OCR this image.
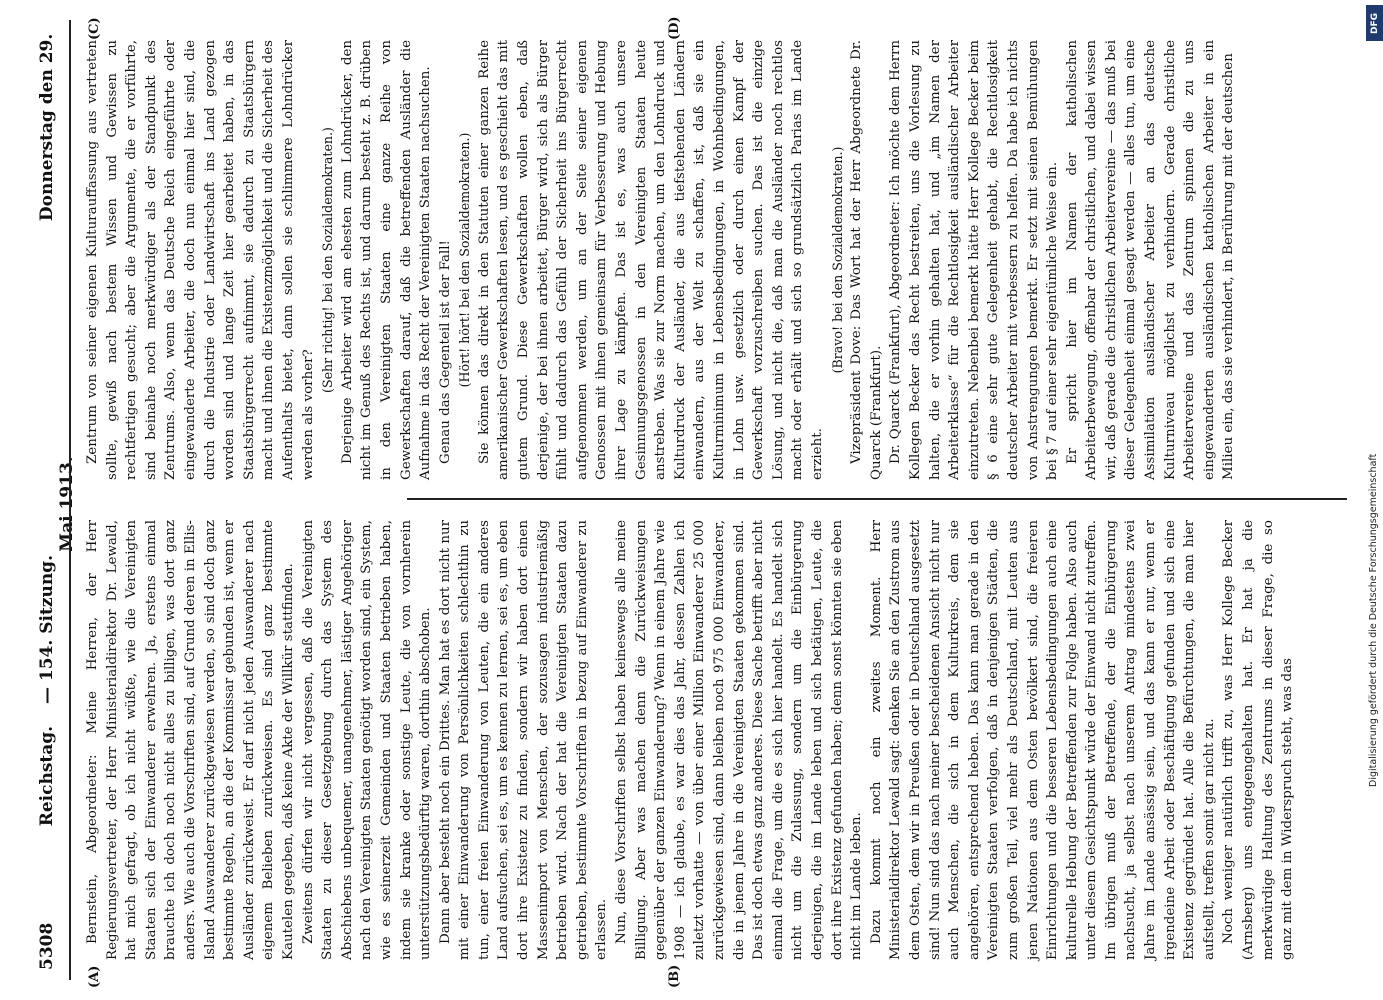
5308
Reichstag. — 154. Sitzung. Donnerstag den 29. Mai 1913.
(A)	(B)
(C)	(D)

Bernstein, Abgeordneter: Meine Herren, der Herr Regierungsvertreter, der Herr Ministerialdirektor Dr. Lewald, hat mich gefragt, ob ich nicht wüßte, wie die Vereinigten Staaten sich der Einwanderer erwehren. Ja, erstens einmal brauchte ich doch noch nicht alles zu billigen, was dort ganz anders. Wie auch die Vorschriften sind, auf Grund deren in Ellis-Island Auswanderer zurückgewiesen werden, so sind doch ganz bestimmte Regeln, an die der Kommissar gebunden ist, wenn er Ausländer zurückweist. Er darf nicht jeden Auswanderer nach eigenem Belieben zurückweisen. Es sind ganz bestimmte Kautelen gegeben, daß keine Akte der Willkür stattfinden. Zweitens dürfen wir nicht vergessen, daß die Vereinigten Staaten zu dieser Gesetzgebung durch das System des Abschiebens unbequemer, unangenehmer, lästiger Angehöriger nach den Vereinigten Staaten genötigt worden sind, ein System, wie es seinerzeit Gemeinden und Staaten betrieben haben, indem sie kranke oder sonstige Leute, die von vornherein unterstützungsbedürftig waren, dorthin abschoben. Dann aber besteht noch ein Drittes. Man hat es dort nicht nur mit einer Einwanderung von Persönlichkeiten schlechthin zu tun, einer freien Einwanderung von Leuten, die ein anderes Land aufsuchen, sei es, um es kennen zu lernen, sei es, um eben dort ihre Existenz zu finden, sondern wir haben dort einen Massenimport von Menschen, der sozusagen industriemäßig betrieben wird. Nach der hat die Vereinigten Staaten dazu getrieben, bestimmte Vorschriften in bezug auf Einwanderer zu erlassen. Nun, diese Vorschriften selbst haben keineswegs alle meine Billigung. Aber was machen denn die Zurückweisungen gegenüber der ganzen Einwanderung? Wenn in einem Jahre wie 1908 — ich glaube, es war dies das Jahr, dessen Zahlen ich zuletzt vorhatte — von über einer Million Einwanderer 25 000 zurückgewiesen sind, dann bleiben noch 975 000 Einwanderer, die in jenem Jahre in die Vereinigten Staaten gekommen sind. Das ist doch etwas ganz anderes. Diese Sache betrifft aber nicht einmal die Frage, um die es sich hier handelt. Es handelt sich nicht um die Zulassung, sondern um die Einbürgerung derjenigen, die im Lande leben und sich betätigen, Leute, die dort ihre Existenz gefunden haben; denn sonst könnten sie eben nicht im Lande leben. Dazu kommt noch ein zweites Moment. Herr Ministerialdirektor Lewald sagt: denken Sie an den Zustrom aus dem Osten, dem wir in Preußen oder in Deutschland ausgesetzt sind! Nun sind das nach meiner bescheidenen Ansicht nicht nur auch Menschen, die sich in dem Kulturkreis, dem sie angehören, entsprechend heben. Das kann man gerade in den Vereinigten Staaten verfolgen, daß in denjenigen Städten, die zum großen Teil, viel mehr als Deutschland, mit Leuten aus jenen Nationen aus dem Osten bevölkert sind, die freieren Einrichtungen und die besseren Lebensbedingungen auch eine kulturelle Hebung der Betreffenden zur Folge haben. Also auch unter diesem Gesichtspunkt würde der Einwand nicht zutreffen. Im übrigen muß der Betreffende, der die Einbürgerung nachsucht, ja selbst nach unserem Antrag mindestens zwei Jahre im Lande ansässig sein, und das kann er nur, wenn er irgendeine Arbeit oder Beschäftigung gefunden und sich eine Existenz gegründet hat. Alle die Befürchtungen, die man hier aufstellt, treffen somit gar nicht zu. Noch weniger natürlich trifft zu, was Herr Kollege Becker (Arnsberg) uns entgegengehalten hat. Er hat ja die merkwürdige Haltung des Zentrums in dieser Frage, die so ganz mit dem in Widerspruch steht, was das

Zentrum von seiner eigenen Kulturauffassung aus vertreten sollte, gewiß nach bestem Wissen und Gewissen zu rechtfertigen gesucht; aber die Argumente, die er vorführte, sind beinahe noch merkwürdiger als der Standpunkt des Zentrums. Also, wenn das Deutsche Reich eingeführte oder eingewanderte Arbeiter, die doch nun einmal hier sind, die durch die Industrie oder Landwirtschaft ins Land gezogen worden sind und lange Zeit hier gearbeitet haben, in das Staatsbürgerrecht aufnimmt, sie dadurch zu Staatsbürgern macht und ihnen die Existenzmöglichkeit und die Sicherheit des Aufenthalts bietet, dann sollen sie schlimmere Lohndrücker werden als vorher?

(Sehr richtig! bei den Sozialdemokraten.) Derjenige Arbeiter wird am ehesten zum Lohndrücker, den nicht im Genuß des Rechts ist, und darum besteht z. B. drüben in den Vereinigten Staaten eine ganze Reihe von Gewerkschaften darauf, daß die betreffenden Ausländer die Aufnahme in das Recht der Vereinigten Staaten nachsuchen. Genau das Gegenteil ist der Fall! (Hört! hört! bei den Sozialdemokraten.) Sie können das direkt in den Statuten einer ganzen Reihe amerikanischer Gewerkschaften lesen, und es geschieht das mit gutem Grund. Diese Gewerkschaften wollen eben, daß derjenige, der bei ihnen arbeitet, Bürger wird, sich als Bürger fühlt und dadurch das Gefühl der Sicherheit ins Bürgerrecht aufgenommen werden, um an der Seite seiner eigenen Genossen mit ihnen gemeinsam für Verbesserung und Hebung ihrer Lage zu kämpfen. Das ist es, was auch unsere Gesinnungsgenossen in den Vereinigten Staaten heute anstreben. Was sie zur Norm machen, um den Lohndruck und Kulturdruck der Ausländer, die aus tiefstehenden Ländern einwandern, aus der Welt zu schaffen, ist, daß sie ein Kulturminimum in Lebensbedingungen, in Wohnbedingungen, in Lohn usw. gesetzlich oder durch einen Kampf der Gewerkschaft vorzuschreiben suchen. Das ist die einzige Lösung, und nicht die, daß man die Ausländer noch rechtlos macht oder erhält und sich so grundsätzlich Parias im Lande erzieht.

(Bravo! bei den Sozialdemokraten.) Vizepräsident Dove: Das Wort hat der Herr Abgeordnete Dr. Quarck (Frankfurt). Dr. Quarck (Frankfurt), Abgeordneter: Ich möchte dem Herrn Kollegen Becker das Recht bestreiten, uns die Vorlesung zu halten, die er vorhin gehalten hat, und „im Namen der Arbeiterklasse“ für die Rechtlosigkeit ausländischer Arbeiter einzutreten. Nebenbei bemerkt hätte Herr Kollege Becker beim § 6 eine sehr gute Gelegenheit gehabt, die Rechtlosigkeit deutscher Arbeiter mit verbessern zu helfen. Da habe ich nichts von Anstrengungen bemerkt. Er setzt mit seinen Bemühungen bei § 7 auf einer sehr eigentümliche Weise ein. Er spricht hier im Namen der katholischen Arbeiterbewegung, offenbar der christlichen, und dabei wissen wir, daß gerade die christlichen Arbeitervereine — das muß bei dieser Gelegenheit einmal gesagt werden — alles tun, um eine Assimilation ausländischer Arbeiter an das deutsche Kulturniveau möglichst zu verhindern. Gerade christliche Arbeitervereine und das Zentrum spinnen die zu uns eingewanderten ausländischen katholischen Arbeiter in ein Milieu ein, das sie verhindert, in Berührung mit der deutschen

DFG
Digitalisierung gefördert durch die Deutsche Forschungsgemeinschaft
